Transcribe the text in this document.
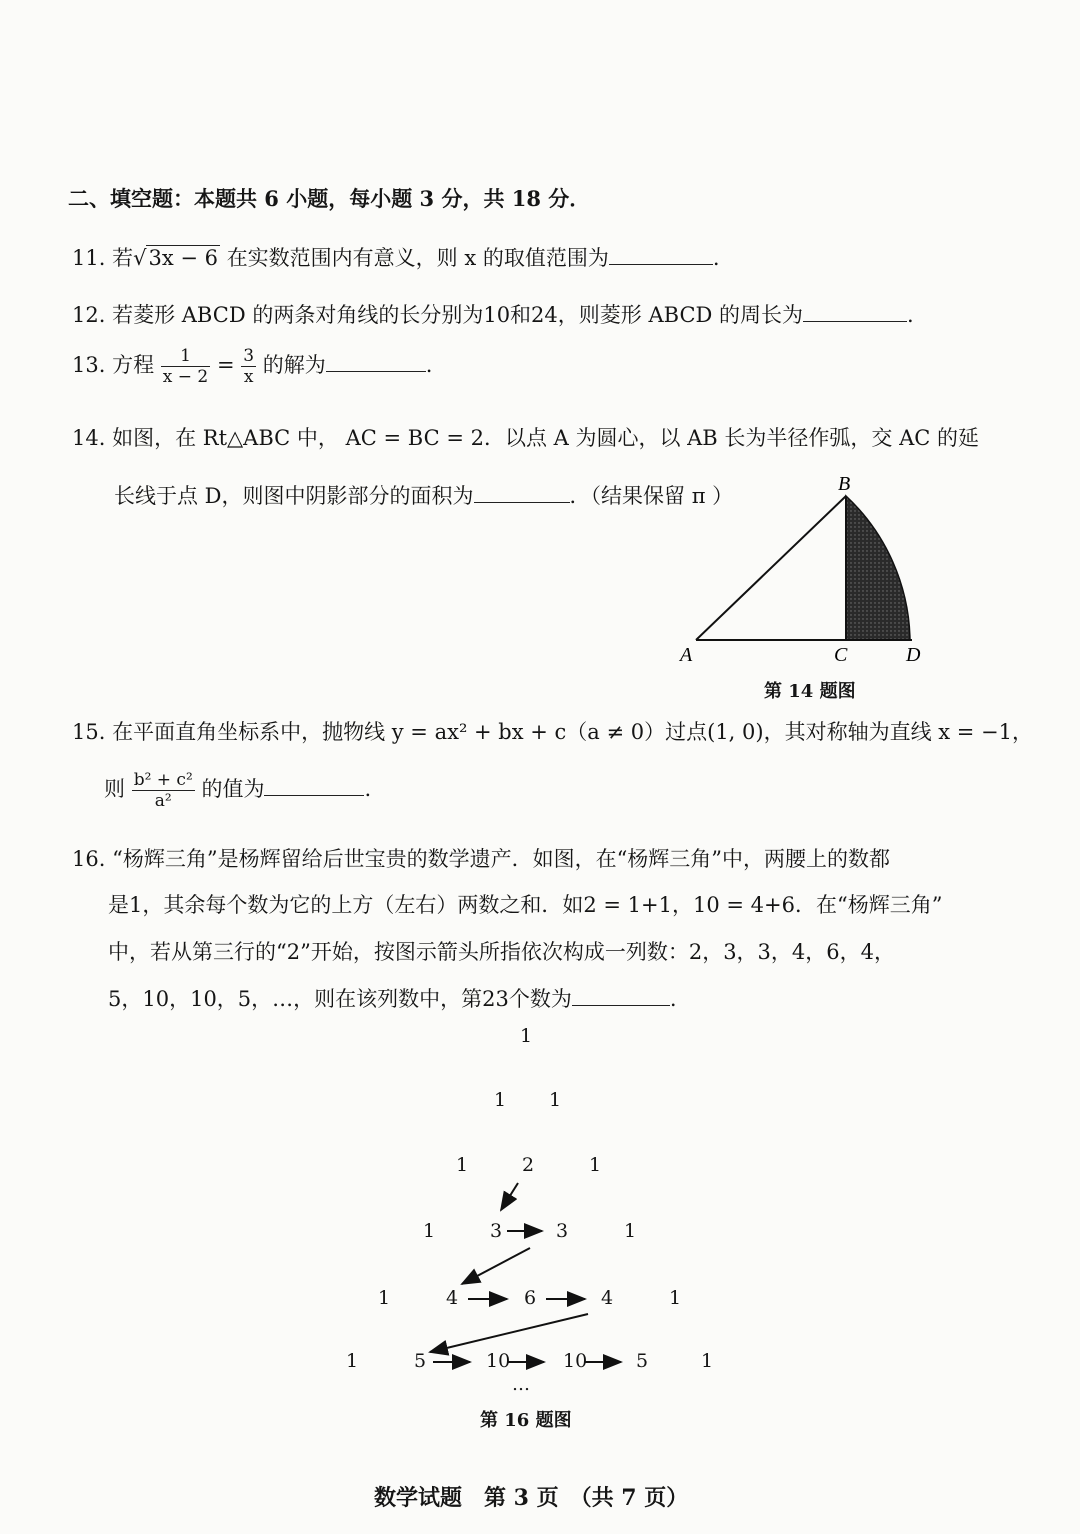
二、填空题：本题共 6 小题，每小题 3 分，共 18 分．
11. 若√3x − 6 在实数范围内有意义，则 x 的取值范围为	.
12. 若菱形 ABCD 的两条对角线的长分别为10和24，则菱形 ABCD 的周长为	.
13. 方程 $\frac{1}{x - 2} = \frac{3}{x}$ 的解为	.
14. 如图，在 Rt△ABC 中， AC = BC = 2．以点 A 为圆心，以 AB 长为半径作弧，交 AC 的延
长线于点 D，则图中阴影部分的面积为	．（结果保留 π ）	B
A	C	D
第 14 题图
15. 在平面直角坐标系中，抛物线 y = ax² + bx + c（a ≠ 0）过点(1, 0)，其对称轴为直线 x = −1，
则 $\frac{\text{b² + c²}}{\text{a²}}$ 的值为	.
16. “杨辉三角”是杨辉留给后世宝贵的数学遗产．如图，在“杨辉三角”中，两腰上的数都
是1，其余每个数为它的上方（左右）两数之和．如2 = 1+1，10 = 4+6．在“杨辉三角”
中，若从第三行的“2”开始，按图示箭头所指依次构成一列数：2，3，3，4，6，4，
5，10，10，5，…，则在该列数中，第23个数为	.
1
1 1
1	2	1
1	3	3	1
1	4	6	4	1
1	5	10	10	5	1
…
第 16 题图
数学试题　第 3 页　（共 7 页）
